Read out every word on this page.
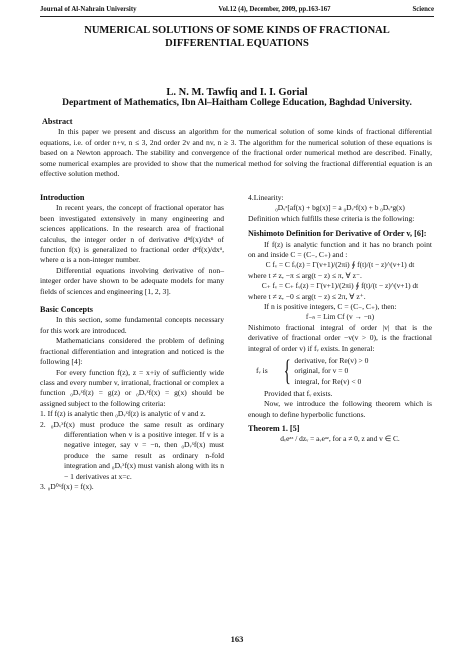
Journal of Al-Nahrain University	Vol.12 (4), December, 2009, pp.163-167	Science
NUMERICAL SOLUTIONS OF SOME KINDS OF FRACTIONAL
DIFFERENTIAL EQUATIONS
L. N. M. Tawfiq and I. I. Gorial
Department of Mathematics, Ibn Al–Haitham College Education, Baghdad University.
Abstract

In this paper we present and discuss an algorithm for the numerical solution of some kinds of fractional differential equations, i.e. of order n+v, n ≤ 3, 2nd order 2v and nv, n ≥ 3. The algorithm for the numerical solution of these equations is based on a Newton approach. The stability and convergence of the fractional order numerical method are described. Finally, some numerical examples are provided to show that the numerical method for solving the fractional differential equation is an effective solution method.

Introduction

In recent years, the concept of fractional operator has been investigated extensively in many engineering and sciences applications. In the research area of fractional calculus, the integer order n of derivative dⁿf(x)/dxⁿ of function f(x) is generalized to fractional order dᵅf(x)/dxᵅ, where α is a non-integer number.

Differential equations involving derivative of non–integer order have shown to be adequate models for many fields of sciences and engineering [1, 2, 3].

Basic Concepts

In this section, some fundamental concepts necessary for this work are introduced.

Mathematicians considered the problem of defining fractional differentiation and integration and noticed is the following [4]:

For every function f(z), z = x+iy of sufficiently wide class and every number v, irrational, fractional or complex a function ₀Dᵥˣf(z) = g(z) or ₀Dᵥˣf(x) = g(x) should be assigned subject to the following criteria:

1. If f(z) is analytic then ₀Dᵥˣf(z) is analytic of v and z.

2. ₀Dᵥˣf(x) must produce the same result as ordinary differentiation when v is a positive integer. If v is a negative integer, say v = −n, then ₀Dᵥˣf(x) must produce the same result as ordinary n-fold integration and ₀Dᵥˣf(x) must vanish along with its n − 1 derivatives at x=c.

3. ₀D⁰ˣf(x) = f(x).

4.Linearity:

₀Dᵥˣ[af(x) + bg(x)] = a ₀Dᵥˣf(x) + b ₀Dᵥˣg(x)

Definition which fulfills these criteria is the following:

Nishimoto Definition for Derivative of Order v, [6]:

If f(z) is analytic function and it has no branch point on and inside C = (C₋, C₊) and :

C fᵥ = C fᵥ(z) = Γ(v+1)/(2πi) ∮ f(t)/(t − z)^(v+1) dt

where t ≠ z, −π ≤ arg(t − z) ≤ π, ∀ z⁻.

C₊ fᵥ = C₊ fᵥ(z) = Γ(v+1)/(2πi) ∮ f(t)/(t − z)^(v+1) dt

where t ≠ z, −0 ≤ arg(t − z) ≤ 2π, ∀ z⁺.

If n is positive integers, C = (C₋, C₊), then:

f₋ₙ = Lim Cf (v → −n)

Nishimoto fractional integral of order |v| that is the derivative of fractional order −v(v > 0), is the fractional integral of order v) if fᵥ exists. In general:

fᵥ is { derivative, for Re(v) > 0
original, for v = 0
integral, for Re(v) < 0

Provided that fᵥ exists.

Now, we introduce the following theorem which is enough to define hyperbolic functions.

Theorem 1. [5]

dᵥeᵃᶻ / dzᵥ = aᵥeᵃᶻ, for a ≠ 0, z and v ∈ C.

163
